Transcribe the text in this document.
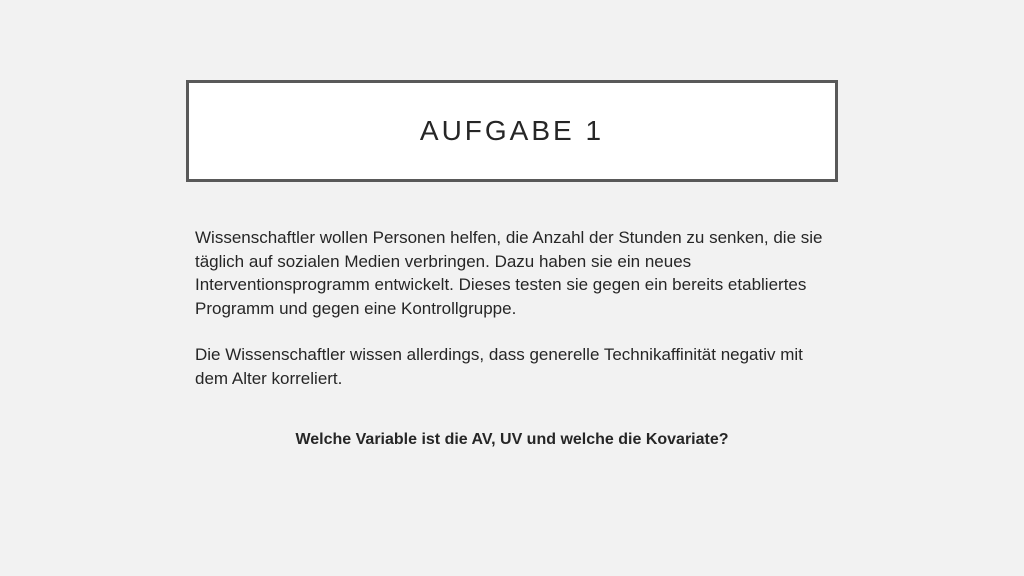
AUFGABE 1

Wissenschaftler wollen Personen helfen, die Anzahl der Stunden zu senken, die sie täglich auf sozialen Medien verbringen. Dazu haben sie ein neues Interventionsprogramm entwickelt. Dieses testen sie gegen ein bereits etabliertes Programm und gegen eine Kontrollgruppe.

Die Wissenschaftler wissen allerdings, dass generelle Technikaffinität negativ mit dem Alter korreliert.

Welche Variable ist die AV, UV und welche die Kovariate?
